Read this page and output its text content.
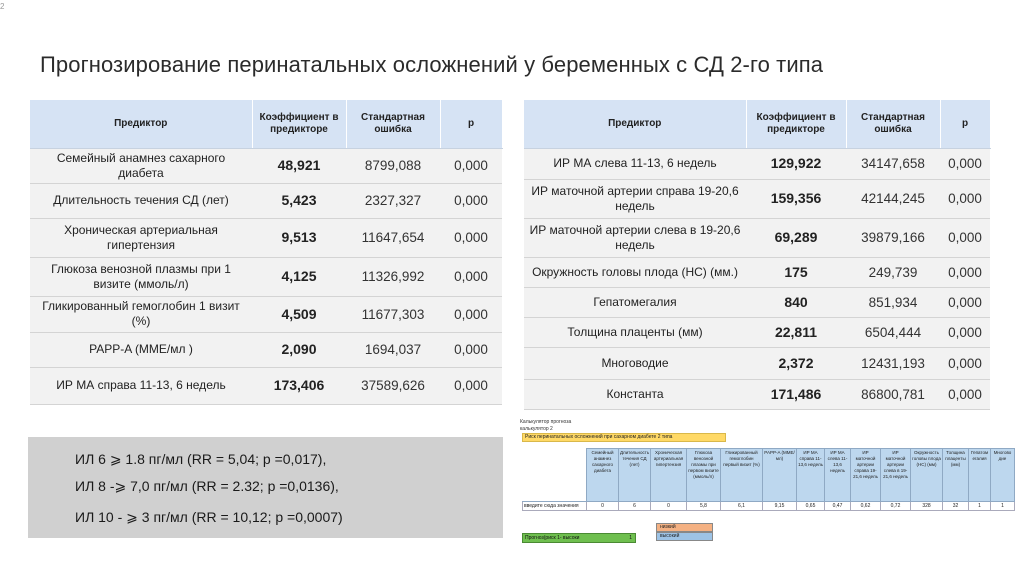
2
Прогнозирование перинатальных осложнений у беременных с СД 2-го типа
Предиктор	Коэффициент в предикторе	Стандартная ошибка	p
Семейный анамнез сахарного диабета	48,921	8799,088	0,000
Длительность течения СД (лет)	5,423	2327,327	0,000
Хроническая артериальная гипертензия	9,513	11647,654	0,000
Глюкоза венозной плазмы при 1 визите (ммоль/л)	4,125	11326,992	0,000
Гликированный гемоглобин 1 визит (%)	4,509	11677,303	0,000
PAPP-A (MME/мл )	2,090	1694,037	0,000
ИР МА справа 11-13, 6 недель	173,406	37589,626	0,000
Предиктор	Коэффициент в предикторе	Стандартная ошибка	p
ИР МА слева 11-13, 6 недель	129,922	34147,658	0,000
ИР маточной артерии справа 19-20,6 недель	159,356	42144,245	0,000
ИР маточной артерии слева в 19-20,6 недель	69,289	39879,166	0,000
Окружность головы плода (HC) (мм.)	175	249,739	0,000
Гепатомегалия	840	851,934	0,000
Толщина плаценты (мм)	22,811	6504,444	0,000
Многоводие	2,372	12431,193	0,000
Константа	171,486	86800,781	0,000
ИЛ 6 ⩾ 1.8 пг/мл (RR = 5,04; p =0,017),
ИЛ 8 -⩾ 7,0 пг/мл (RR = 2.32; p =0,0136),
ИЛ 10 - ⩾ 3 пг/мл (RR = 10,12; p =0,0007)
Калькулятор прогноза
калькулятор 2
Риск перинатальных осложнений при сахарном диабете 2 типа
	Семейный анамнез сахарного диабета	Длительность течения СД (лет)	Хроническая артериальная гипертензия	Глюкоза венозной плазмы при первом визите (ммоль/л)	Гликированный гемоглобин первый визит (%)	PAPP-A (MME/мл)	ИР МА справа 11-13,6 недель	ИР МА слева 11-13,6 недель	ИР маточной артерии справа 19-21,6 недель	ИР маточной артерии слева в 19-21,6 недель	Окружность головы плода (HC) (мм)	Толщина плаценты (мм)	Гепатом егалия	Многово дие
введите сюда значения	0	6	0	5,8	6,1	9,15	0,65	0,47	0,62	0,72	328	32	1	1
низкий
высокий
Прогноз(риск 1- высоки	1
